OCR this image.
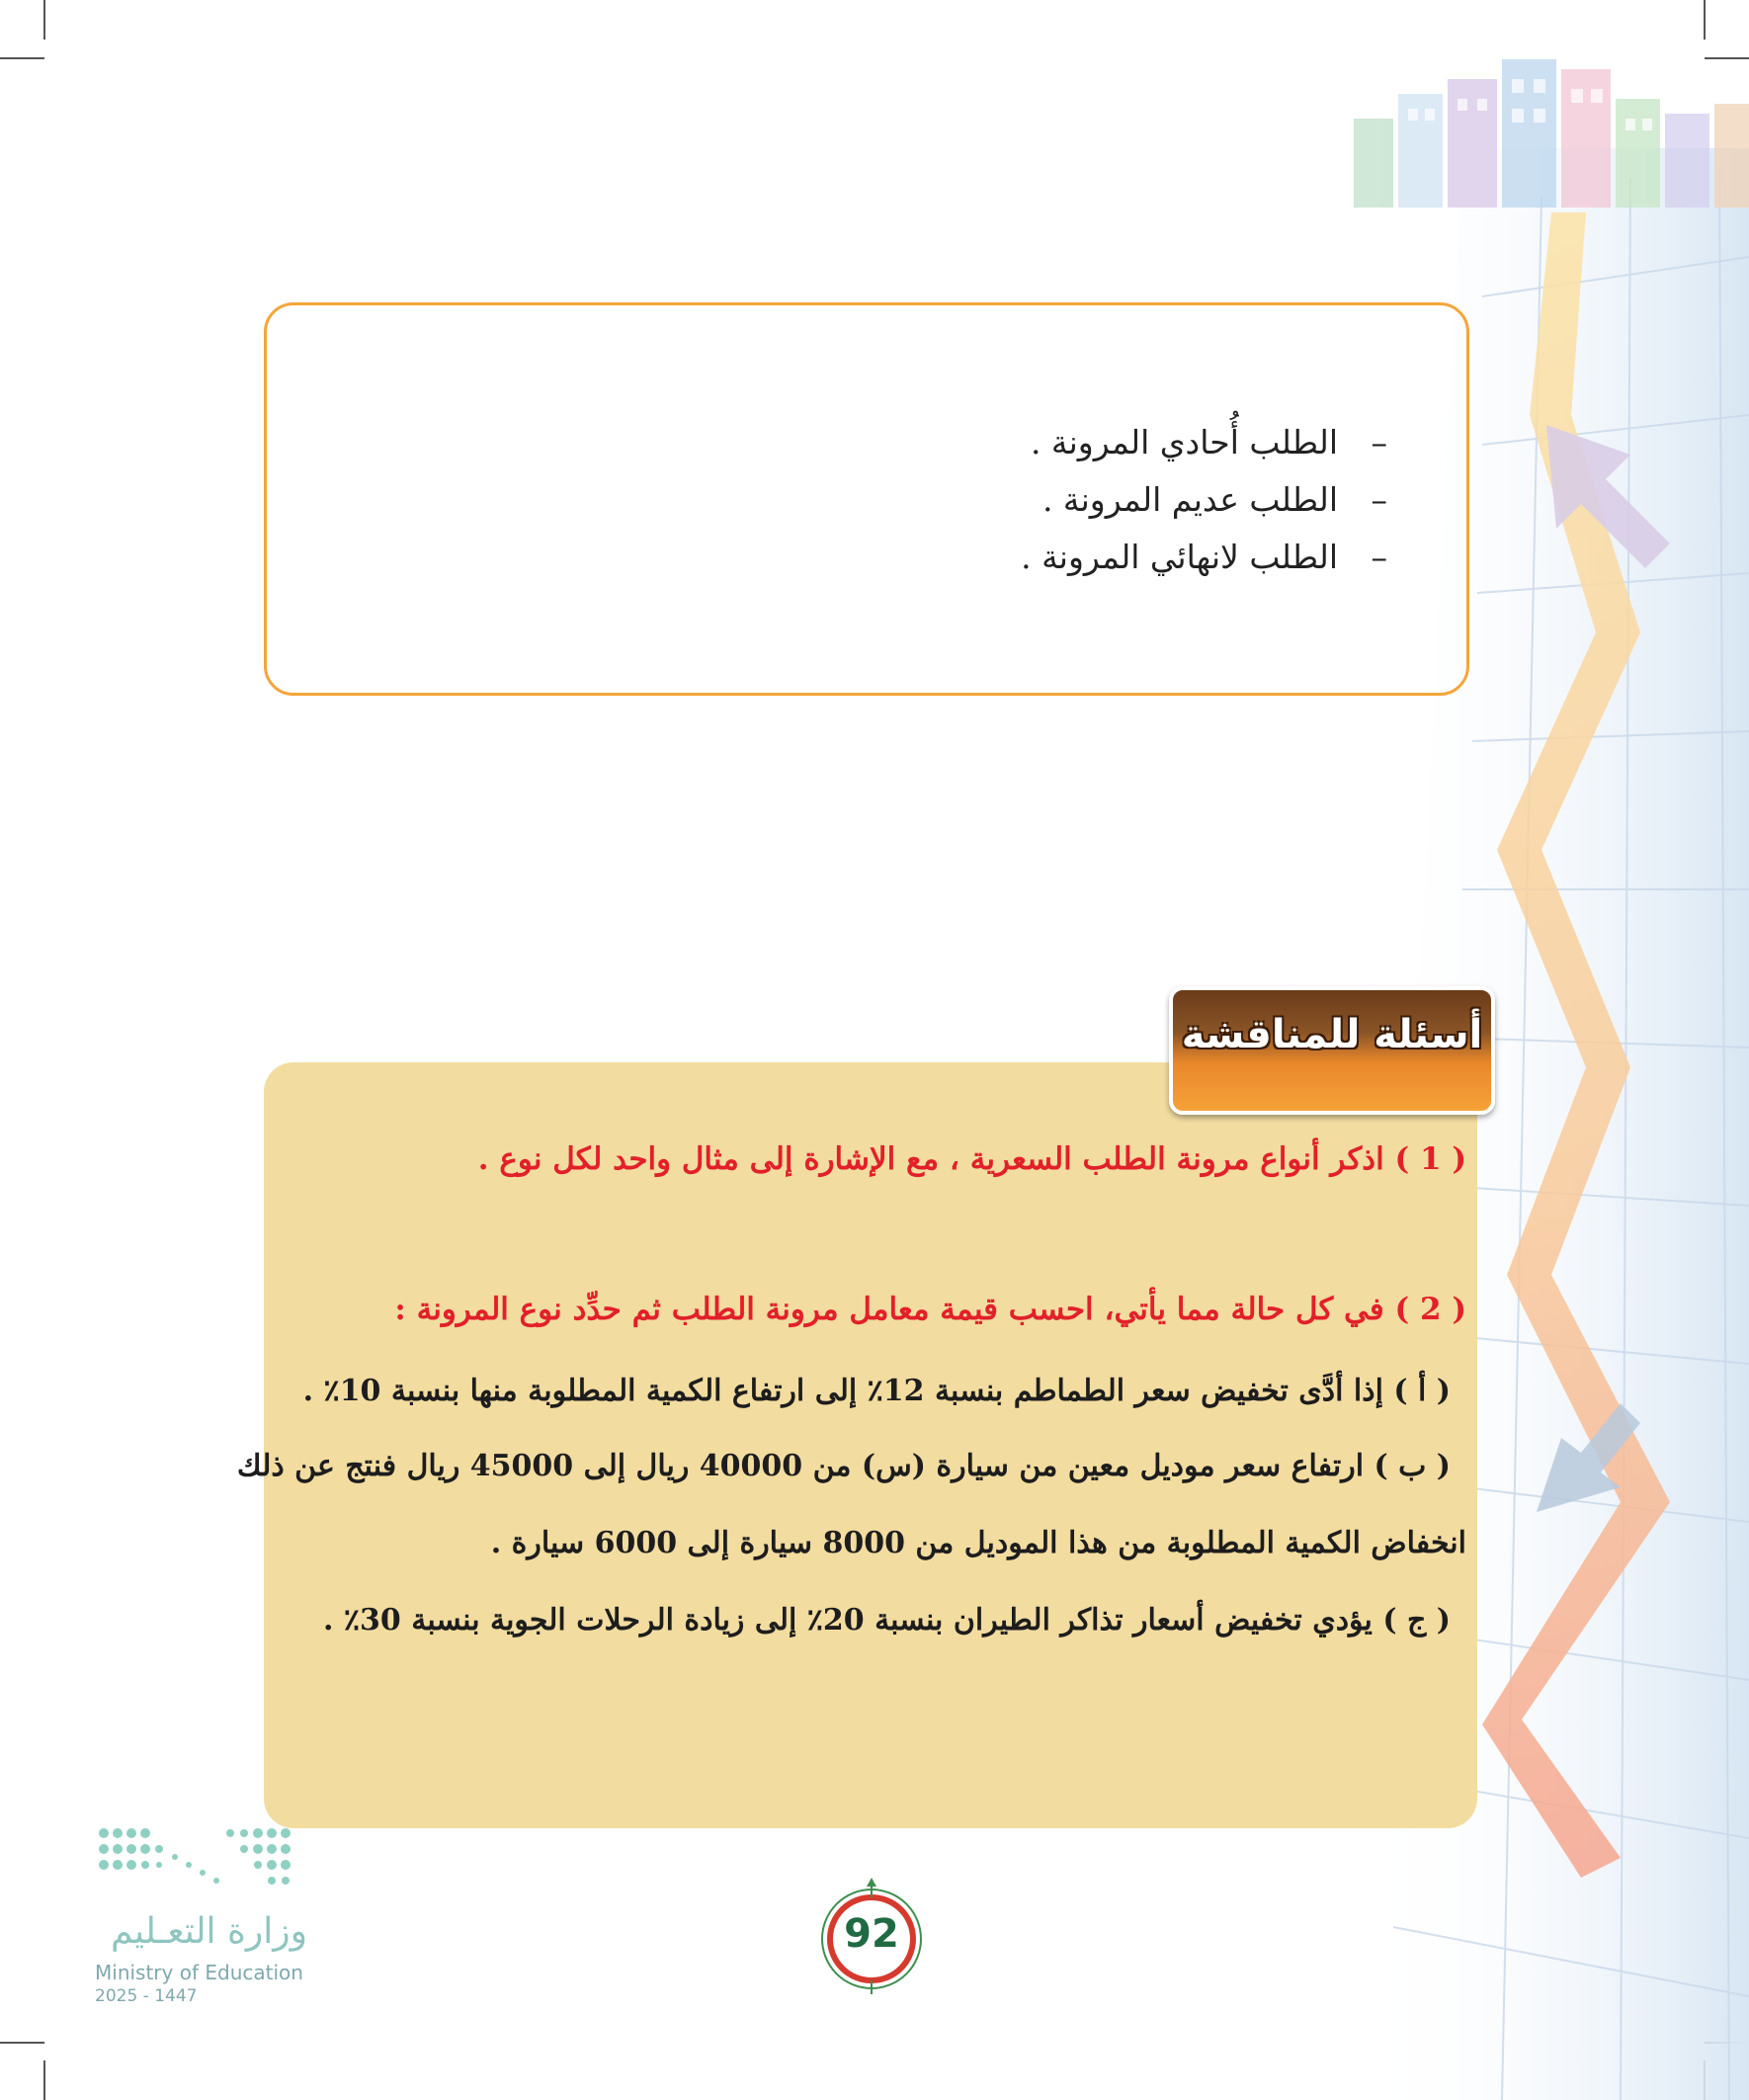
–الطلب أُحادي المرونة .
–الطلب عديم المرونة .
–الطلب لانهائي المرونة .
أسئلة للمناقشة
( 1 ) اذكر أنواع مرونة الطلب السعرية ، مع الإشارة إلى مثال واحد لكل نوع .
( 2 ) في كل حالة مما يأتي، احسب قيمة معامل مرونة الطلب ثم حدِّد نوع المرونة :
( أ ) إذا أدَّى تخفيض سعر الطماطم بنسبة 12٪ إلى ارتفاع الكمية المطلوبة منها بنسبة 10٪ .
( ب ) ارتفاع سعر موديل معين من سيارة (س) من 40000 ريال إلى 45000 ريال فنتج عن ذلك
انخفاض الكمية المطلوبة من هذا الموديل من 8000 سيارة إلى 6000 سيارة .
( ج ) يؤدي تخفيض أسعار تذاكر الطيران بنسبة 20٪ إلى زيادة الرحلات الجوية بنسبة 30٪ .
وزارة التعـليم
Ministry of Education
2025 - 1447
92
